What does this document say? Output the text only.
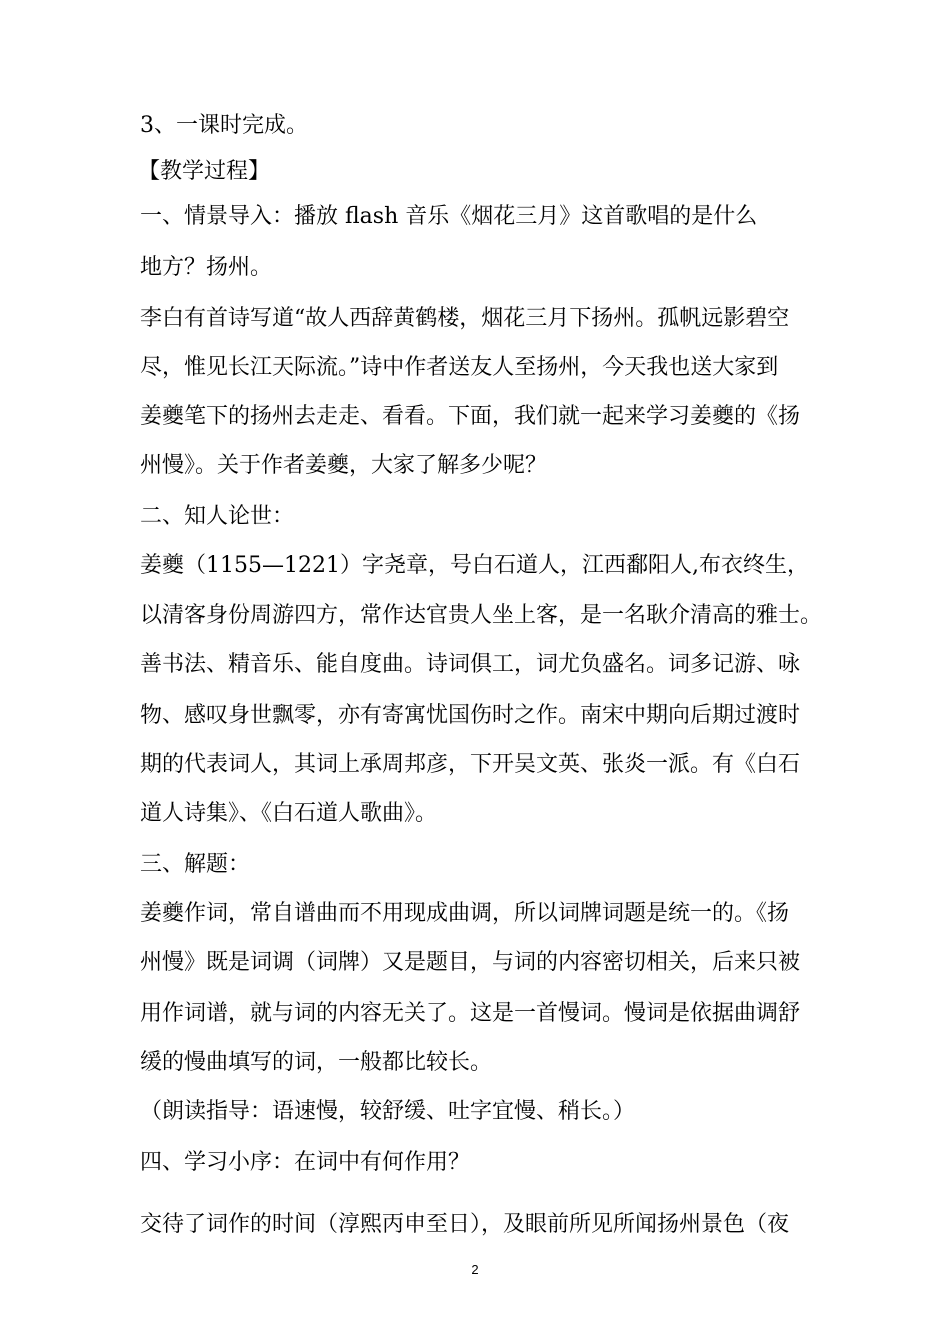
3、一课时完成。
【教学过程】
一、情景导入：播放 flash 音乐《烟花三月》这首歌唱的是什么
地方？扬州。
李白有首诗写道“故人西辞黄鹤楼，烟花三月下扬州。孤帆远影碧空
尽，惟见长江天际流。”诗中作者送友人至扬州，今天我也送大家到
姜夔笔下的扬州去走走、看看。下面，我们就一起来学习姜夔的《扬
州慢》。关于作者姜夔，大家了解多少呢？
二、知人论世：
姜夔（1155—1221）字尧章，号白石道人，江西鄱阳人,布衣终生，
以清客身份周游四方，常作达官贵人坐上客，是一名耿介清高的雅士。
善书法、精音乐、能自度曲。诗词俱工，词尤负盛名。词多记游、咏
物、感叹身世飘零，亦有寄寓忧国伤时之作。南宋中期向后期过渡时
期的代表词人，其词上承周邦彦，下开吴文英、张炎一派。有《白石
道人诗集》、《白石道人歌曲》。
三、解题：
姜夔作词，常自谱曲而不用现成曲调，所以词牌词题是统一的。《扬
州慢》既是词调（词牌）又是题目，与词的内容密切相关，后来只被
用作词谱，就与词的内容无关了。这是一首慢词。慢词是依据曲调舒
缓的慢曲填写的词，一般都比较长。
（朗读指导：语速慢，较舒缓、吐字宜慢、稍长。）
四、学习小序：在词中有何作用？
交待了词作的时间（淳熙丙申至日），及眼前所见所闻扬州景色（夜
2
